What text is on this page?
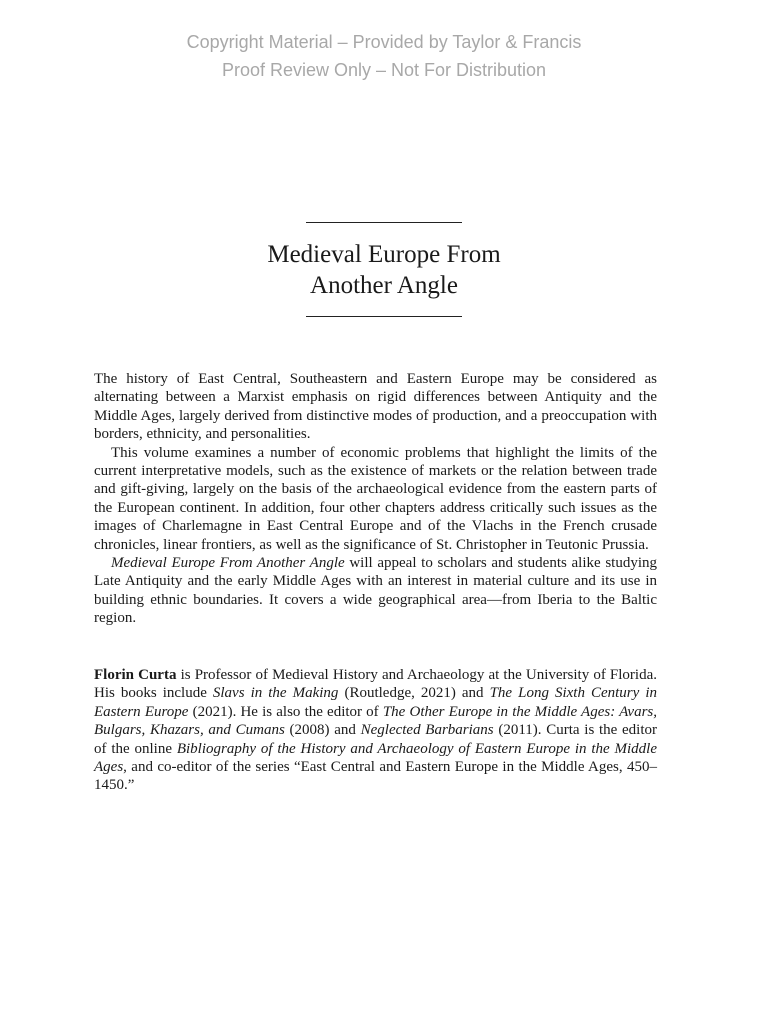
Copyright Material – Provided by Taylor & Francis
Proof Review Only – Not For Distribution
Medieval Europe From
Another Angle

The history of East Central, Southeastern and Eastern Europe may be considered as alternating between a Marxist emphasis on rigid differences between Antiquity and the Middle Ages, largely derived from distinctive modes of production, and a preoccupation with borders, ethnicity, and personalities.

This volume examines a number of economic problems that highlight the limits of the current interpretative models, such as the existence of markets or the relation between trade and gift-giving, largely on the basis of the archaeological evidence from the eastern parts of the European continent. In addition, four other chapters address critically such issues as the images of Charlemagne in East Central Europe and of the Vlachs in the French crusade chronicles, linear frontiers, as well as the significance of St. Christopher in Teutonic Prussia.

Medieval Europe From Another Angle will appeal to scholars and students alike studying Late Antiquity and the early Middle Ages with an interest in material culture and its use in building ethnic boundaries. It covers a wide geographical area—from Iberia to the Baltic region.

Florin Curta is Professor of Medieval History and Archaeology at the University of Florida. His books include Slavs in the Making (Routledge, 2021) and The Long Sixth Century in Eastern Europe (2021). He is also the editor of The Other Europe in the Middle Ages: Avars, Bulgars, Khazars, and Cumans (2008) and Neglected Barbarians (2011). Curta is the editor of the online Bibliography of the History and Archaeology of Eastern Europe in the Middle Ages, and co-editor of the series “East Central and Eastern Europe in the Middle Ages, 450–1450.”
